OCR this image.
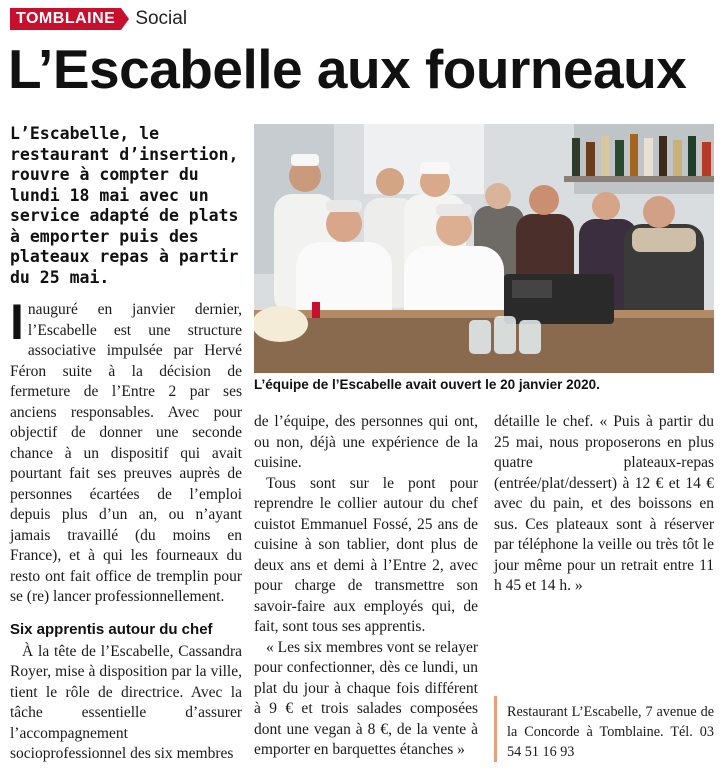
TOMBLAINE	Social
L’Escabelle aux fourneaux

L’Escabelle, le restaurant d’insertion, rouvre à compter du lundi 18 mai avec un service adapté de plats à emporter puis des plateaux repas à partir du 25 mai.

Inauguré en janvier dernier, l’Escabelle est une structure associative impulsée par Hervé Féron suite à la décision de fermeture de l’Entre 2 par ses anciens responsables. Avec pour objectif de donner une seconde chance à un dispositif qui avait pourtant fait ses preuves auprès de personnes écartées de l’emploi depuis plus d’un an, ou n’ayant jamais travaillé (du moins en France), et à qui les fourneaux du resto ont fait office de tremplin pour se (re) lancer professionnellement.

Six apprentis autour du chef

À la tête de l’Escabelle, Cassandra Royer, mise à disposition par la ville, tient le rôle de directrice. Avec la tâche essentielle d’assurer l’accompagnement socioprofessionnel des six membres

L’équipe de l’Escabelle avait ouvert le 20 janvier 2020.

de l’équipe, des personnes qui ont, ou non, déjà une expérience de la cuisine.
Tous sont sur le pont pour reprendre le collier autour du chef cuistot Emmanuel Fossé, 25 ans de cuisine à son tablier, dont plus de deux ans et demi à l’Entre 2, avec pour charge de transmettre son savoir-faire aux employés qui, de fait, sont tous ses apprentis.
« Les six membres vont se relayer pour confectionner, dès ce lundi, un plat du jour à chaque fois différent à 9 € et trois salades composées dont une vegan à 8 €, de la vente à emporter en barquettes étanches »

détaille le chef. « Puis à partir du 25 mai, nous proposerons en plus quatre plateaux-repas (entrée/plat/dessert) à 12 € et 14 € avec du pain, et des boissons en sus. Ces plateaux sont à réserver par téléphone la veille ou très tôt le jour même pour un retrait entre 11 h 45 et 14 h. »

Restaurant L’Escabelle, 7 avenue de la Concorde à Tomblaine. Tél. 03 54 51 16 93
